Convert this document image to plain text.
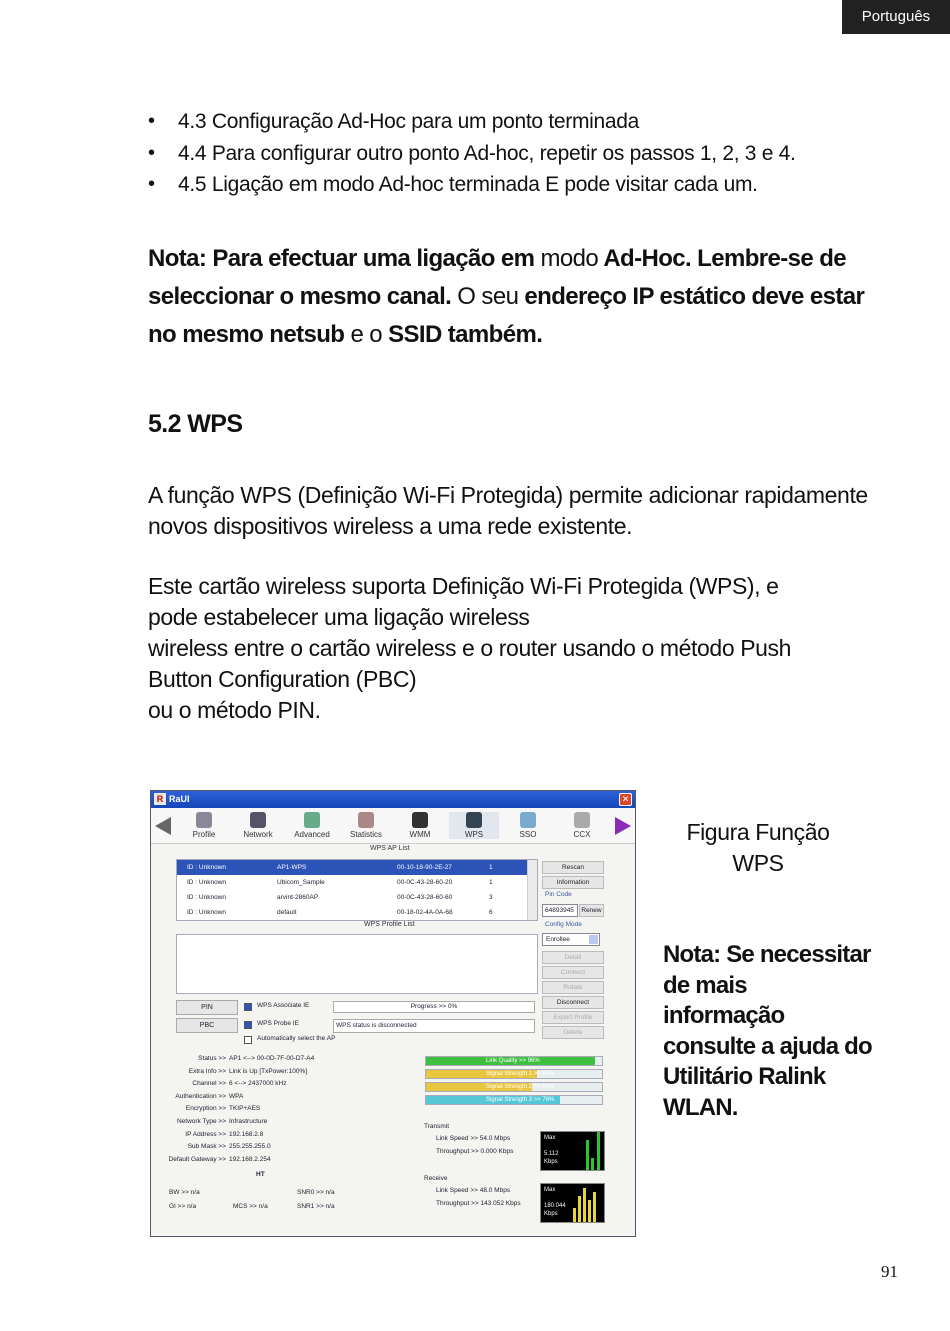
Português
• 4.3 Configuração Ad-Hoc para um ponto terminada
• 4.4 Para configurar outro ponto Ad-hoc, repetir os passos 1, 2, 3 e 4.
• 4.5 Ligação em modo Ad-hoc terminada E pode visitar cada um.

Nota: Para efectuar uma ligação em modo Ad-Hoc. Lembre-se de seleccionar o mesmo canal. O seu endereço IP estático deve estar no mesmo netsub e o SSID também.

5.2 WPS

A função WPS (Definição Wi-Fi Protegida) permite adicionar rapidamente novos dispositivos wireless a uma rede existente.

Este cartão wireless suporta Definição Wi-Fi Protegida (WPS), e
pode estabelecer uma ligação wireless
wireless entre o cartão wireless e o router usando o método Push
Button Configuration (PBC)
ou o método PIN.

R RaUI	✕
Profile	Network	Advanced	Statistics	WMM	WPS	SSO	CCX
WPS AP List
ID : Unknown	AP1-WPS	00-10-18-90-2E-27	1
ID : Unknown	Ubicom_Sample	00-0C-43-28-60-20	1
ID : Unknown	arvint-2860AP	00-0C-43-28-60-60	3
ID : Unknown	default	00-18-02-4A-0A-68	6
WPS Profile List
Rescan
Information
Pin Code
64893945	Renew
Config Mode
Enrollee
Detail
Connect
Rotate
Disconnect
Export Profile
Delete
PIN
PBC
WPS Associate IE
WPS Probe IE
Automatically select the AP
Progress >> 0%
WPS status is disconnected
Status >> AP1 <--> 00-0D-7F-00-D7-A4
Extra Info >> Link is Up [TxPower:100%]
Channel >> 6 <--> 2437000 kHz
Authentication >> WPA
Encryption >> TKIP+AES
Network Type >> Infrastructure
IP Address >> 192.168.2.8
Sub Mask >> 255.255.255.0
Default Gateway >> 192.168.2.254
Link Quality >> 96%
Signal Strength 1 >> 63%
Signal Strength 2 >> 60%
Signal Strength 3 >> 76%
Transmit
Link Speed >> 54.0 Mbps
Throughput >> 0.000 Kbps
Max

5.112
Kbps
Receive
Link Speed >> 48.0 Mbps
Throughput >> 143.052 Kbps
Max

180.044
Kbps
HT
BW >> n/a
GI >> n/a	MCS >> n/a
SNR0 >> n/a
SNR1 >> n/a

Figura Função WPS

Nota: Se necessitar de mais informação consulte a ajuda do Utilitário Ralink WLAN.

91
